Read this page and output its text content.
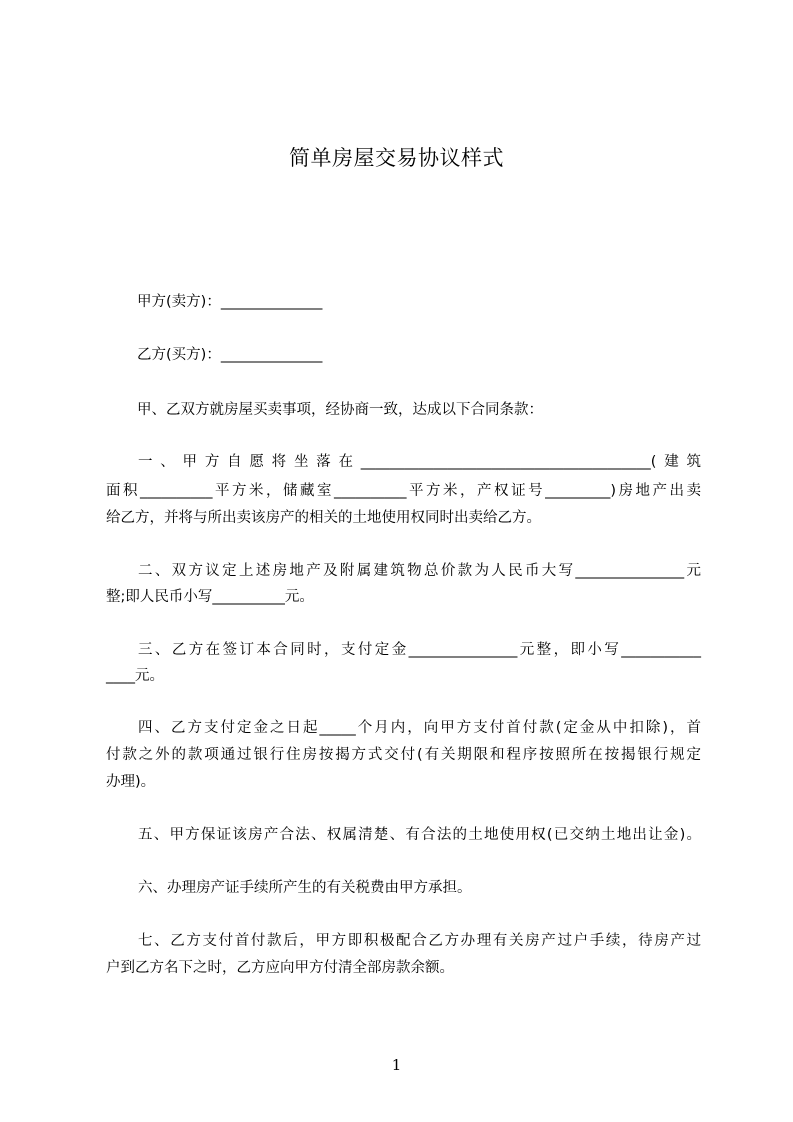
简单房屋交易协议样式
甲方(卖方)：______________
乙方(买方)：______________
甲、乙双方就房屋买卖事项，经协商一致，达成以下合同条款：
一、甲方自愿将坐落在________________________________________(建筑
面积__________平方米，储藏室__________平方米，产权证号_________)房地产出卖
给乙方，并将与所出卖该房产的相关的土地使用权同时出卖给乙方。
二、双方议定上述房地产及附属建筑物总价款为人民币大写_______________元
整;即人民币小写__________元。
三、乙方在签订本合同时，支付定金_______________元整，即小写___________
____元。
四、乙方支付定金之日起_____个月内，向甲方支付首付款(定金从中扣除)，首
付款之外的款项通过银行住房按揭方式交付(有关期限和程序按照所在按揭银行规定
办理)。
五、甲方保证该房产合法、权属清楚、有合法的土地使用权(已交纳土地出让金)。
六、办理房产证手续所产生的有关税费由甲方承担。
七、乙方支付首付款后，甲方即积极配合乙方办理有关房产过户手续，待房产过
户到乙方名下之时，乙方应向甲方付清全部房款余额。
1
